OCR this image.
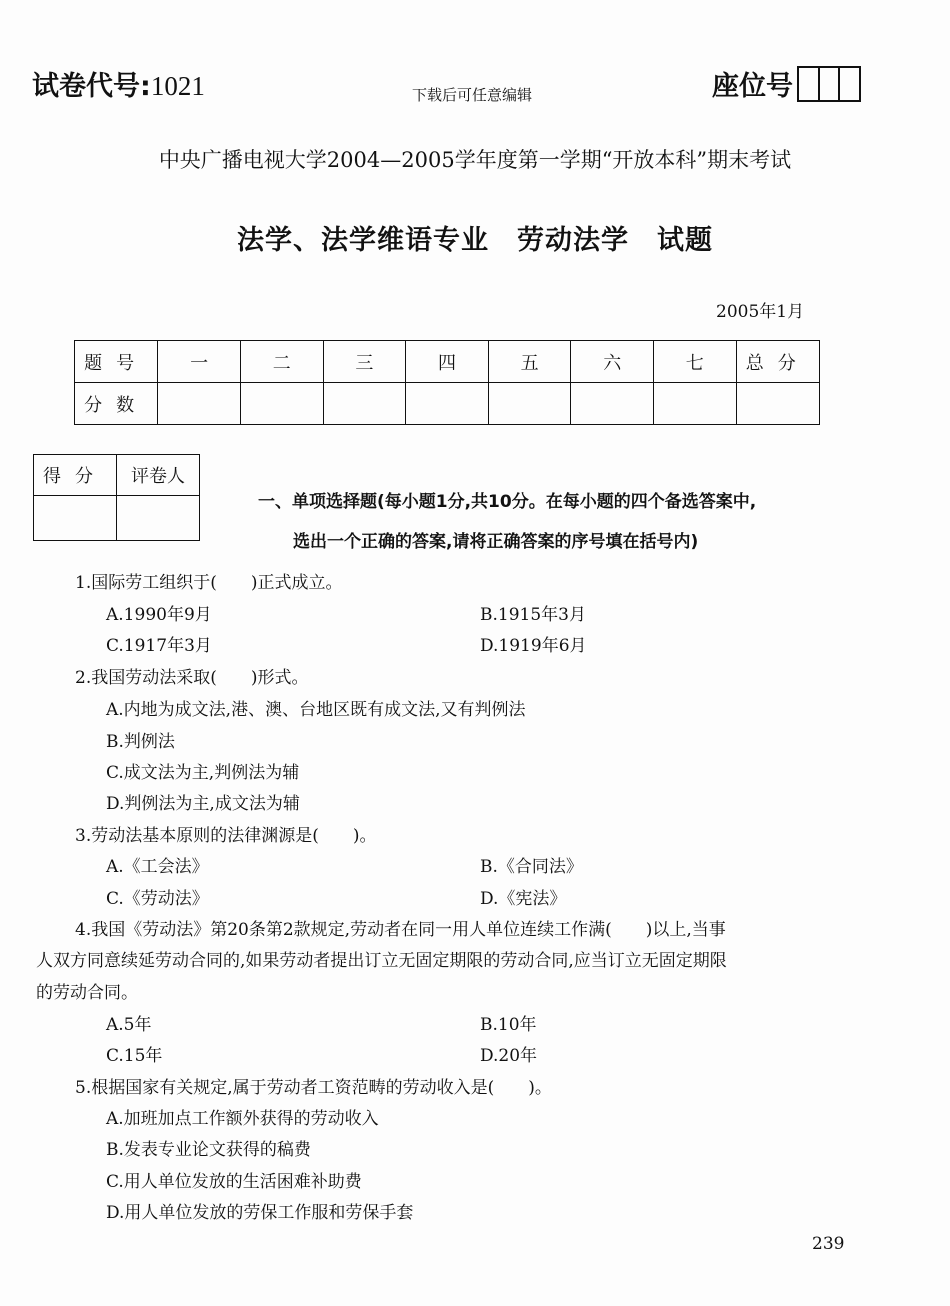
试卷代号:1021	下载后可任意编辑	座位号
中央广播电视大学2004—2005学年度第一学期“开放本科”期末考试
法学、法学维语专业　劳动法学　试题
2005年1月
题号	一	二	三	四	五	六	七	总分
分数								
得分	评卷人

一、单项选择题(每小题1分,共10分。在每小题的四个备选答案中,
选出一个正确的答案,请将正确答案的序号填在括号内)
1.国际劳工组织于(　　)正式成立。
A.1990年9月	B.1915年3月
C.1917年3月	D.1919年6月
2.我国劳动法采取(　　)形式。
A.内地为成文法,港、澳、台地区既有成文法,又有判例法
B.判例法
C.成文法为主,判例法为辅
D.判例法为主,成文法为辅
3.劳动法基本原则的法律渊源是(　　)。
A.《工会法》	B.《合同法》
C.《劳动法》	D.《宪法》
4.我国《劳动法》第20条第2款规定,劳动者在同一用人单位连续工作满(　　)以上,当事
人双方同意续延劳动合同的,如果劳动者提出订立无固定期限的劳动合同,应当订立无固定期限
的劳动合同。
A.5年	B.10年
C.15年	D.20年
5.根据国家有关规定,属于劳动者工资范畴的劳动收入是(　　)。
A.加班加点工作额外获得的劳动收入
B.发表专业论文获得的稿费
C.用人单位发放的生活困难补助费
D.用人单位发放的劳保工作服和劳保手套
239
